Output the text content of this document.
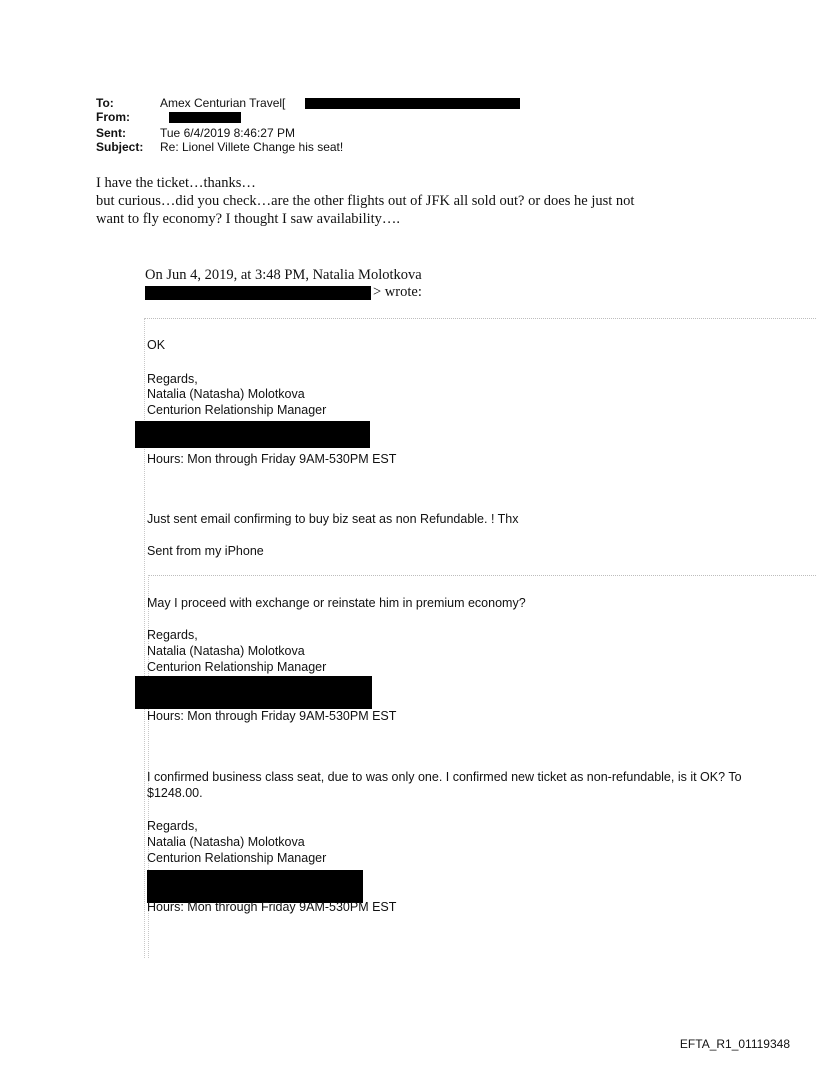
To:	Amex Centurian Travel[
From:
Sent:	Tue 6/4/2019 8:46:27 PM
Subject: Re: Lionel Villete Change his seat!
I have the ticket…thanks…
but curious…did you check…are the other flights out of JFK all sold out? or does he just not
want to fly economy? I thought I saw availability….
On Jun 4, 2019, at 3:48 PM, Natalia Molotkova
> wrote:
OK
Regards,
Natalia (Natasha) Molotkova
Centurion Relationship Manager
Hours: Mon through Friday 9AM-530PM EST
Just sent email confirming to buy biz seat as non Refundable. ! Thx
Sent from my iPhone
May I proceed with exchange or reinstate him in premium economy?
Regards,
Natalia (Natasha) Molotkova
Centurion Relationship Manager
Hours: Mon through Friday 9AM-530PM EST
I confirmed business class seat, due to was only one. I confirmed new ticket as non-refundable, is it OK? To
$1248.00.
Regards,
Natalia (Natasha) Molotkova
Centurion Relationship Manager
Hours: Mon through Friday 9AM-530PM EST
EFTA_R1_01119348
